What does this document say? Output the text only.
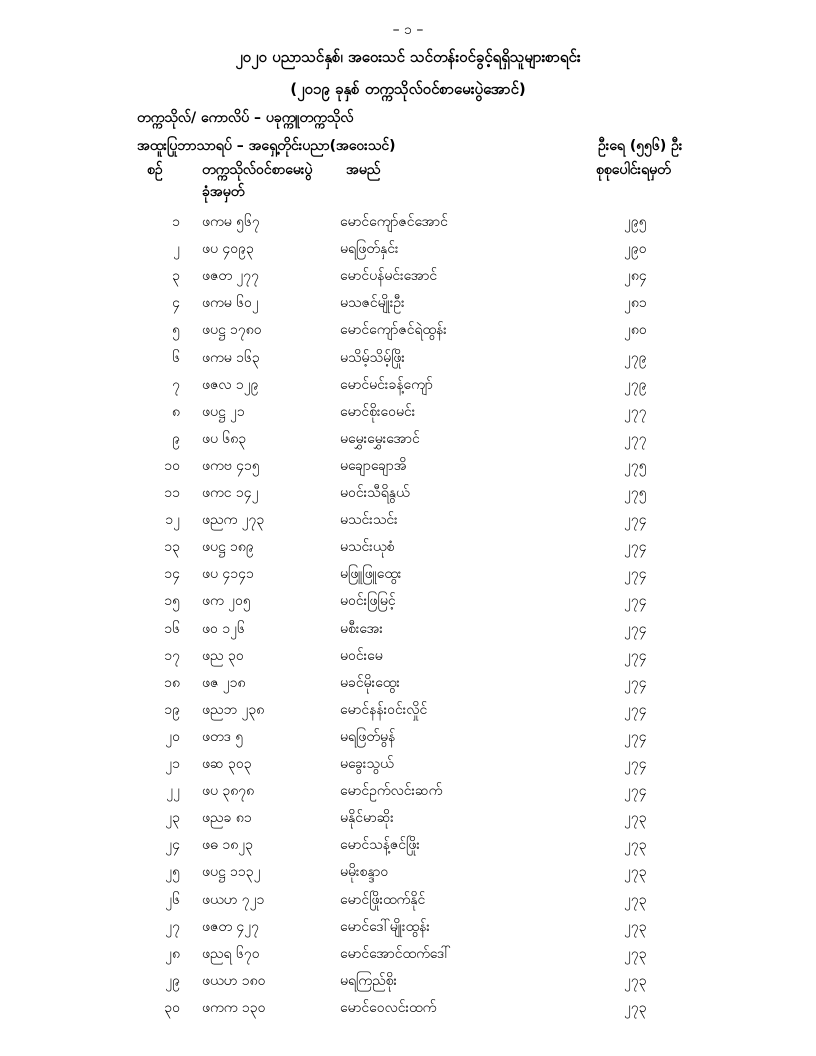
– ၁ –
၂၀၂၀ ပညာသင်နှစ်၊ အဝေးသင် သင်တန်းဝင်ခွင့်ရရှိသူများစာရင်း
(၂၀၁၉ ခုနှစ် တက္ကသိုလ်ဝင်စာမေးပွဲအောင်)
တက္ကသိုလ်/ ကောလိပ် – ပခုက္ကူတက္ကသိုလ်
အထူးပြုဘာသာရပ် – အရှေ့တိုင်းပညာ(အဝေးသင်)	ဦးရေ (၅၅၆) ဦး
စဉ်	တက္ကသိုလ်ဝင်စာမေးပွဲ
ခုံအမှတ်
အမည်	စုစုပေါင်းရမှတ်
၁ ဖကမ ၅၆၇	မောင်ကျော်ဇင်အောင်	၂၉၅
၂ ဖပ ၄၀၉၃	မရဖြတ်နှင်း	၂၉၀
၃ ဖဇတ ၂၇၇	မောင်ပန်မင်းအောင်	၂၈၄
၄ ဖကမ ၆၀၂	မသဇင်မျိုးဦး	၂၈၁
၅ ဖပဋ္ဌ ၁၇၈၀	မောင်ကျော်ဇင်ရဲထွန်း	၂၈၀
၆ ဖကမ ၁၆၃	မသိမ့်သိမ့်ဖြိုး	၂၇၉
၇ ဖဇလ ၁၂၉	မောင်မင်းခန့်ကျော်	၂၇၉
၈ ဖပဋ္ဌ ၂၁	မောင်စိုးဝေမင်း	၂၇၇
၉ ဖပ ၆၈၃	မမွှေးမွှေးအောင်	၂၇၇
၁၀ ဖကဗ ၄၁၅	မချောချောအိ	၂၇၅
၁၁ ဖကင ၁၄၂	မဝင်းသီရိနွယ်	၂၇၅
၁၂ ဖညက ၂၇၃	မသင်းသင်း	၂၇၄
၁၃ ဖပဋ္ဌ ၁၈၉	မသင်းယုစံ	၂၇၄
၁၄ ဖပ ၄၁၄၁	မဖြူဖြူထွေး	၂၇၄
၁၅ ဖက ၂၀၅	မဝင်းဖြမြင့်	၂၇၄
၁၆ ဖဝ ၁၂၆	မစီးအေး	၂၇၄
၁၇ ဖည ၃၀	မဝင်းမေ	၂၇၄
၁၈ ဖဇ ၂၁၈	မခင်မိုးထွေး	၂၇၄
၁၉ ဖညဘ ၂၃၈	မောင်နန်းဝင်းလှိုင်	၂၇၄
၂၀ ဖတဒ ၅	မရဖြတ်မွန်	၂၇၄
၂၁ ဖဆ ၃၀၃	မခွေးသွယ်	၂၇၄
၂၂ ဖပ ၃၈၇၈	မောင်ဥက်လင်းဆက်	၂၇၄
၂၃ ဖညခ ၈၁	မနိုင်မာဆိုး	၂၇၃
၂၄ ဖဓ ၁၈၂၃	မောင်သန့်ဇင်ဖြိုး	၂၇၃
၂၅ ဖပဋ္ဌ ၁၁၃၂	မမိုးစန္ဒာဝ	၂၇၃
၂၆ ဖယဟ ၇၂၁	မောင်ဖြိုးထက်နိုင်	၂၇၃
၂၇ ဖဇတ ၄၂၇	မောင်ဒေါ်မျိုးထွန်း	၂၇၃
၂၈ ဖညရ ၆၇၀	မောင်အောင်ထက်ဒေါ်	၂၇၃
၂၉ ဖယဟ ၁၈၀	မရကြည်စိုး	၂၇၃
၃၀ ဖကက ၁၃၀	မောင်ဝေလင်းထက်	၂၇၃
